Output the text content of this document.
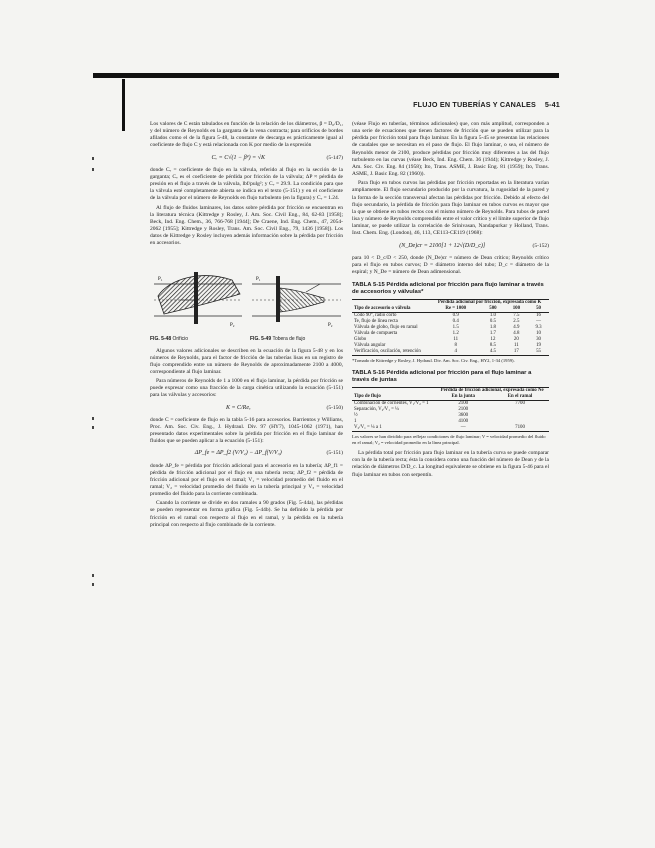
FLUJO EN TUBERÍAS Y CANALES 5-41

Los valores de C están tabulados en función de la relación de los diámetros, β = D₀/D₁, y del número de Reynolds en la garganta de la vena contracta; para orificios de bordes afilados como el de la figura 5-48, la constante de descarga es prácticamente igual al coeficiente de flujo C y está relacionada con K por medio de la expresión

Cᵥ = C√(1 − β⁴) = √K	(5-147)

donde Cᵥ = coeficiente de flujo en la válvula, referido al flujo en la sección de la garganta; Cᵥ es el coeficiente de pérdida por fricción de la válvula; ΔP ≈ pérdida de presión en el flujo a través de la válvula, lbf/pulg²; y Cᵥ = 29.9. La condición para que la válvula esté completamente abierta se indica en el texto (5-151) y en el coeficiente de la válvula por el número de Reynolds en flujo turbulento (en la figura) y Cᵥ = 1.24.

Al flujo de fluidos laminares, los datos sobre pérdida por fricción se encuentran en la literatura técnica (Kittredge y Rosley, J. Am. Soc. Civil Eng., 84, 62-83 [1958]; Beck, Ind. Eng. Chem., 36, 766-768 [1944]; De Craene, Ind. Eng. Chem., 47, 2054-2062 [1955]; Kittredge y Rosley, Trans. Am. Soc. Civil Eng., 79, 1436 [1958]). Los datos de Kittredge y Rosley incluyen además información sobre la pérdida por fricción en accesorios.

P₁
P₂
P₁
P₂
FIG. 5-48 Orificio	FIG. 5-49 Tobera de flujo

Algunos valores adicionales se describen en la ecuación de la figura 5-48 y en los números de Reynolds, para el factor de fricción de las tuberías lisas en un registro de flujo comprendido entre un número de Reynolds de aproximadamente 2100 a 4000, correspondiente al flujo laminar.

Para números de Reynolds de 1 a 1000 en el flujo laminar, la pérdida por fricción se puede expresar como una fracción de la carga cinética utilizando la ecuación (5-151) para las válvulas y accesorios:

K = C/Reₑ	(5-150)

donde C = coeficiente de flujo en la tabla 5-16 para accesorios. Barrientos y Williams, Proc. Am. Soc. Civ. Eng., J. Hydraul. Div. 97 (HY7), 1045-1062 (1971), han presentado datos experimentales sobre la pérdida por fricción en el flujo laminar de fluidos que se pueden aplicar a la ecuación (5-151):

ΔP_fe = ΔP_f2 (V/V₂) − ΔP_f(V/V₃)	(5-151)

donde ΔP_fe = pérdida por fricción adicional para el accesorio en la tubería; ΔP_f1 = pérdida de fricción adicional por el flujo en una tubería recta; ΔP_f2 = pérdida de fricción adicional por el flujo en el ramal; V₁ = velocidad promedio del fluido en el ramal; V₂ = velocidad promedio del fluido en la tubería principal y V₃ = velocidad promedio del fluido para la corriente combinada.

Cuando la corriente se divide en dos ramales a 90 grados (Fig. 5-44a), las pérdidas se pueden representar en forma gráfica (Fig. 5-44b). Se ha definido la pérdida por fricción en el ramal con respecto al flujo en el ramal, y la pérdida en la tubería principal con respecto al flujo combinado de la corriente.

(véase Flujo en tuberías, términos adicionales) que, con más amplitud, corresponden a una serie de ecuaciones que tienen factores de fricción que se pueden utilizar para la pérdida por fricción total para flujo laminar. En la figura 5-45 se presentan las relaciones de caudales que se necesitan en el paso de flujo. El flujo laminar, o sea, el número de Reynolds menor de 2100, produce pérdidas por fricción muy diferentes a las del flujo turbulento en las curvas (véase Beck, Ind. Eng. Chem. 36 (1944); Kittredge y Rosley, J. Am. Soc. Civ. Eng. 84 (1958); Ito, Trans. ASME, J. Basic Eng. 81 (1959); Ito, Trans. ASME, J. Basic Eng. 82 (1960)).

Para flujo en tubos curvos las pérdidas por fricción reportadas en la literatura varían ampliamente. El flujo secundario producido por la curvatura, la rugosidad de la pared y la forma de la sección transversal afectan las pérdidas por fricción. Debido al efecto del flujo secundario, la pérdida de fricción para flujo laminar en tubos curvos es mayor que la que se obtiene en tubos rectos con el mismo número de Reynolds. Para tubos de pared lisa y número de Reynolds comprendido entre el valor crítico y el límite superior de flujo laminar, se puede utilizar la correlación de Srinivasan, Nandapurkar y Holland, Trans. Inst. Chem. Eng. (London), 46, 113, CE113-CE119 (1968):

(N_De)cr = 2100[1 + 12√(D/D_c)]	(5-152)

para 10 < D_c/D < 250, donde (N_De)cr = número de Dean crítico; Reynolds crítico para el flujo en tubos curvos; D = diámetro interno del tubo; D_c = diámetro de la espiral; y N_De = número de Dean adimensional.

TABLA 5-15 Pérdida adicional por fricción para flujo laminar a través de accesorios y válvulas*
	Pérdida adicional por fricción, expresada como K			
Tipo de accesorio o válvula	Re = 1000	500	100	50
Codo 90°, radio corto	0.9	1.0	7.5	16
Te, flujo de línea recta	0.4	0.5	2.5	—
Válvula de globo, flujo en ramal	1.5	1.8	4.9	9.3
Válvula de compuerta	1.2	1.7	4.8	10
Globo	11	12	20	30
Válvula angular	8	8.5	11	19
Verificación, oscilación, retención	4	4.5	17	55
*Tomado de Kittredge y Rosley, J. Hydraul. Div. Am. Soc. Civ. Eng., HY2, 1-34 (1959).
TABLA 5-16 Pérdida adicional por fricción para el flujo laminar a través de juntas
	Pérdida de fricción adicional, expresada como Ne	
Tipo de flujo	En la junta	En el ramal
Combinación de corrientes, V₁/V₂ = 1	2100	7700
Separación, V₂/V₁ = ¼	2100	
½	3600	
1	4100	
V₂/V₁ = ¼ a 1	—	7100
Los valores se han dividido para reflejar condiciones de flujo laminar; V = velocidad promedio del fluido en el ramal; V₂ = velocidad promedio en la línea principal.

La pérdida total por fricción para flujo laminar en la tubería curva se puede comparar con la de la tubería recta; ésta la considera como una función del número de Dean y de la relación de diámetros D/D_c. La longitud equivalente se obtiene en la figura 5-46 para el flujo laminar en tubos con serpentín.
